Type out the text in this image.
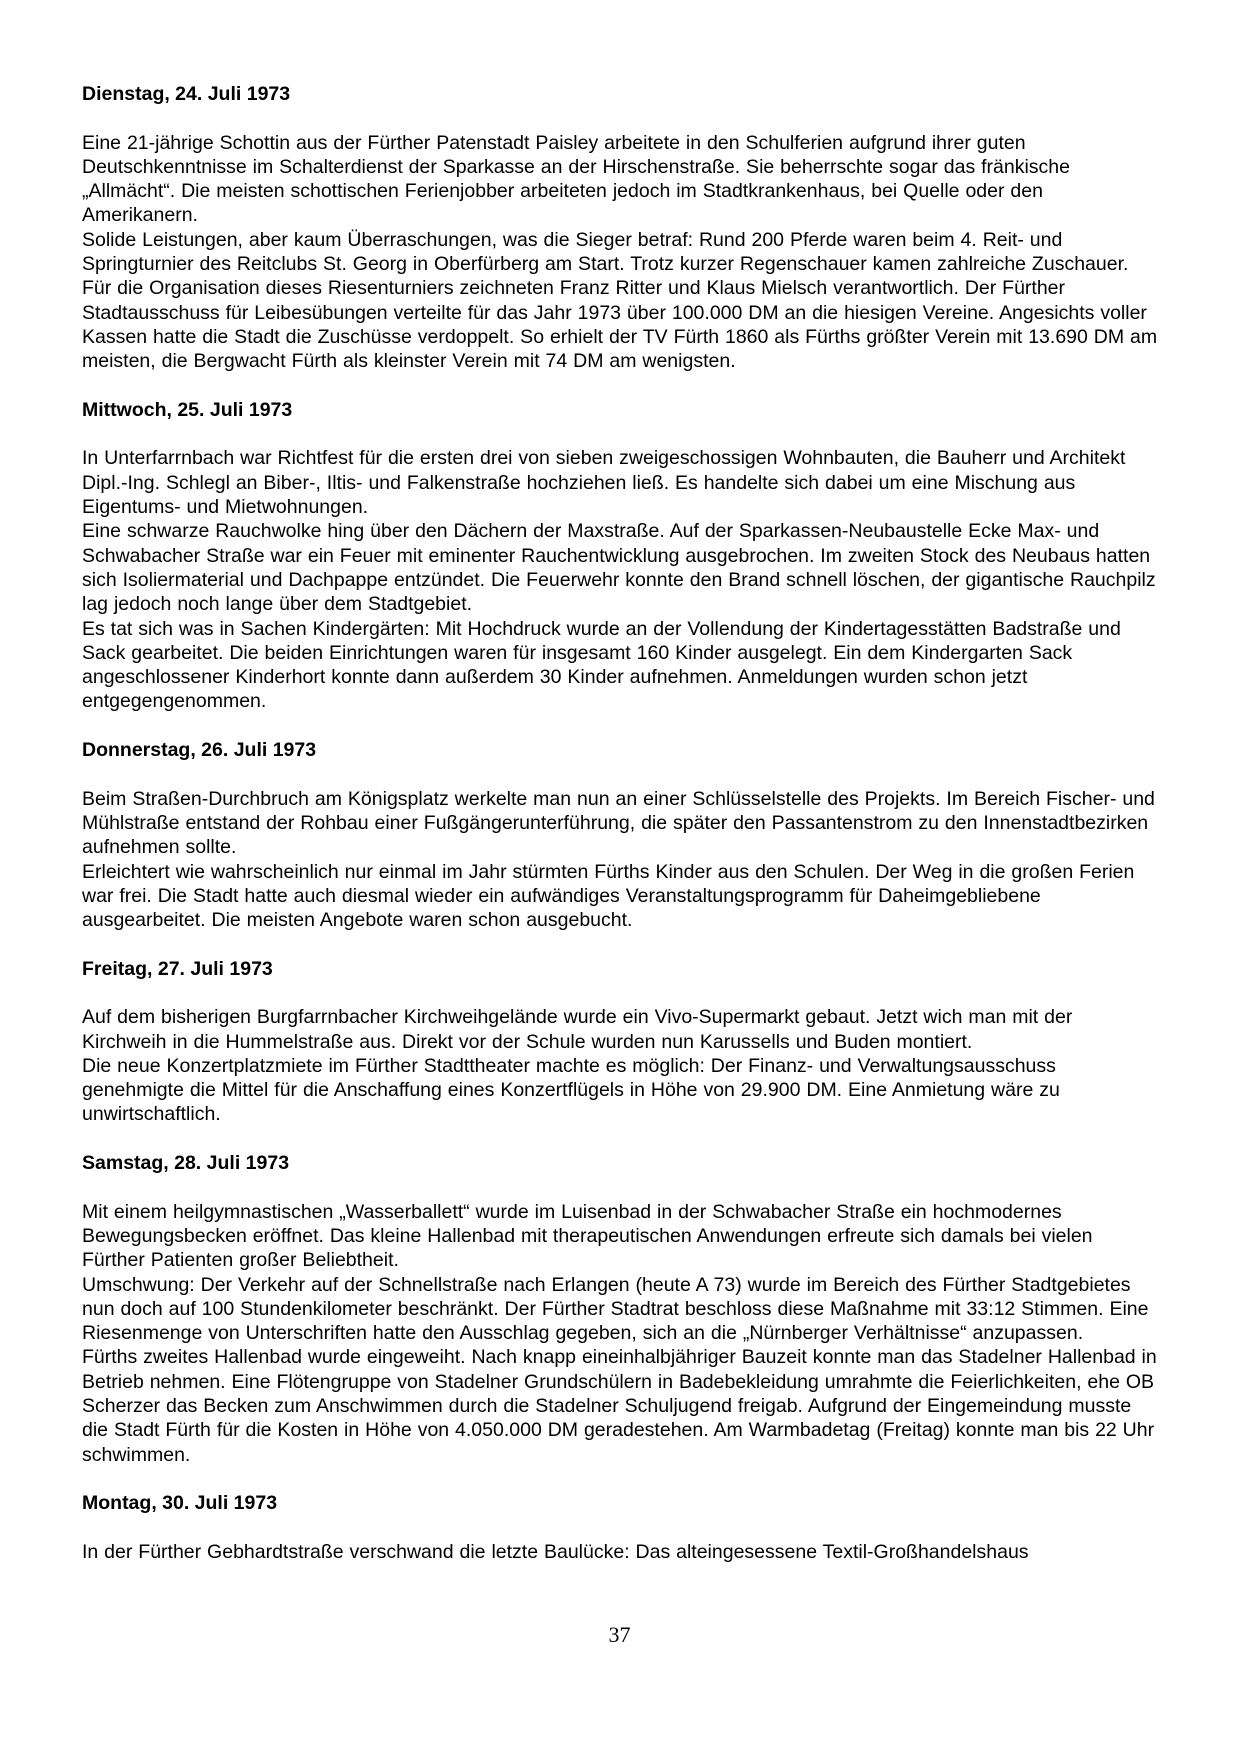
Dienstag, 24. Juli 1973

Eine 21-jährige Schottin aus der Fürther Patenstadt Paisley arbeitete in den Schulferien aufgrund ihrer guten Deutschkenntnisse im Schalterdienst der Sparkasse an der Hirschenstraße. Sie beherrschte sogar das fränkische „Allmächt“. Die meisten schottischen Ferienjobber arbeiteten jedoch im Stadtkrankenhaus, bei Quelle oder den Amerikanern.

Solide Leistungen, aber kaum Überraschungen, was die Sieger betraf: Rund 200 Pferde waren beim 4. Reit- und Springturnier des Reitclubs St. Georg in Oberfürberg am Start. Trotz kurzer Regenschauer kamen zahlreiche Zuschauer. Für die Organisation dieses Riesenturniers zeichneten Franz Ritter und Klaus Mielsch verantwortlich. Der Fürther Stadtausschuss für Leibesübungen verteilte für das Jahr 1973 über 100.000 DM an die hiesigen Vereine. Angesichts voller Kassen hatte die Stadt die Zuschüsse verdoppelt. So erhielt der TV Fürth 1860 als Fürths größter Verein mit 13.690 DM am meisten, die Bergwacht Fürth als kleinster Verein mit 74 DM am wenigsten.

Mittwoch, 25. Juli 1973

In Unterfarrnbach war Richtfest für die ersten drei von sieben zweigeschossigen Wohnbauten, die Bauherr und Architekt Dipl.-Ing. Schlegl an Biber-, Iltis- und Falkenstraße hochziehen ließ. Es handelte sich dabei um eine Mischung aus Eigentums- und Mietwohnungen.

Eine schwarze Rauchwolke hing über den Dächern der Maxstraße. Auf der Sparkassen-Neubaustelle Ecke Max- und Schwabacher Straße war ein Feuer mit eminenter Rauchentwicklung ausgebrochen. Im zweiten Stock des Neubaus hatten sich Isoliermaterial und Dachpappe entzündet. Die Feuerwehr konnte den Brand schnell löschen, der gigantische Rauchpilz lag jedoch noch lange über dem Stadtgebiet.

Es tat sich was in Sachen Kindergärten: Mit Hochdruck wurde an der Vollendung der Kindertagesstätten Badstraße und Sack gearbeitet. Die beiden Einrichtungen waren für insgesamt 160 Kinder ausgelegt. Ein dem Kindergarten Sack angeschlossener Kinderhort konnte dann außerdem 30 Kinder aufnehmen. Anmeldungen wurden schon jetzt entgegengenommen.

Donnerstag, 26. Juli 1973

Beim Straßen-Durchbruch am Königsplatz werkelte man nun an einer Schlüsselstelle des Projekts. Im Bereich Fischer- und Mühlstraße entstand der Rohbau einer Fußgängerunterführung, die später den Passantenstrom zu den Innenstadtbezirken aufnehmen sollte.

Erleichtert wie wahrscheinlich nur einmal im Jahr stürmten Fürths Kinder aus den Schulen. Der Weg in die großen Ferien war frei. Die Stadt hatte auch diesmal wieder ein aufwändiges Veranstaltungsprogramm für Daheimgebliebene ausgearbeitet. Die meisten Angebote waren schon ausgebucht.

Freitag, 27. Juli 1973

Auf dem bisherigen Burgfarrnbacher Kirchweihgelände wurde ein Vivo-Supermarkt gebaut. Jetzt wich man mit der Kirchweih in die Hummelstraße aus. Direkt vor der Schule wurden nun Karussells und Buden montiert.

Die neue Konzertplatzmiete im Fürther Stadttheater machte es möglich: Der Finanz- und Verwaltungsausschuss genehmigte die Mittel für die Anschaffung eines Konzertflügels in Höhe von 29.900 DM. Eine Anmietung wäre zu unwirtschaftlich.

Samstag, 28. Juli 1973

Mit einem heilgymnastischen „Wasserballett“ wurde im Luisenbad in der Schwabacher Straße ein hochmodernes Bewegungsbecken eröffnet. Das kleine Hallenbad mit therapeutischen Anwendungen erfreute sich damals bei vielen Fürther Patienten großer Beliebtheit.

Umschwung: Der Verkehr auf der Schnellstraße nach Erlangen (heute A 73) wurde im Bereich des Fürther Stadtgebietes nun doch auf 100 Stundenkilometer beschränkt. Der Fürther Stadtrat beschloss diese Maßnahme mit 33:12 Stimmen. Eine Riesenmenge von Unterschriften hatte den Ausschlag gegeben, sich an die „Nürnberger Verhältnisse“ anzupassen.

Fürths zweites Hallenbad wurde eingeweiht. Nach knapp eineinhalbjähriger Bauzeit konnte man das Stadelner Hallenbad in Betrieb nehmen. Eine Flötengruppe von Stadelner Grundschülern in Badebekleidung umrahmte die Feierlichkeiten, ehe OB Scherzer das Becken zum Anschwimmen durch die Stadelner Schuljugend freigab. Aufgrund der Eingemeindung musste die Stadt Fürth für die Kosten in Höhe von 4.050.000 DM geradestehen. Am Warmbadetag (Freitag) konnte man bis 22 Uhr schwimmen.

Montag, 30. Juli 1973

In der Fürther Gebhardtstraße verschwand die letzte Baulücke: Das alteingesessene Textil-Großhandelshaus

37
